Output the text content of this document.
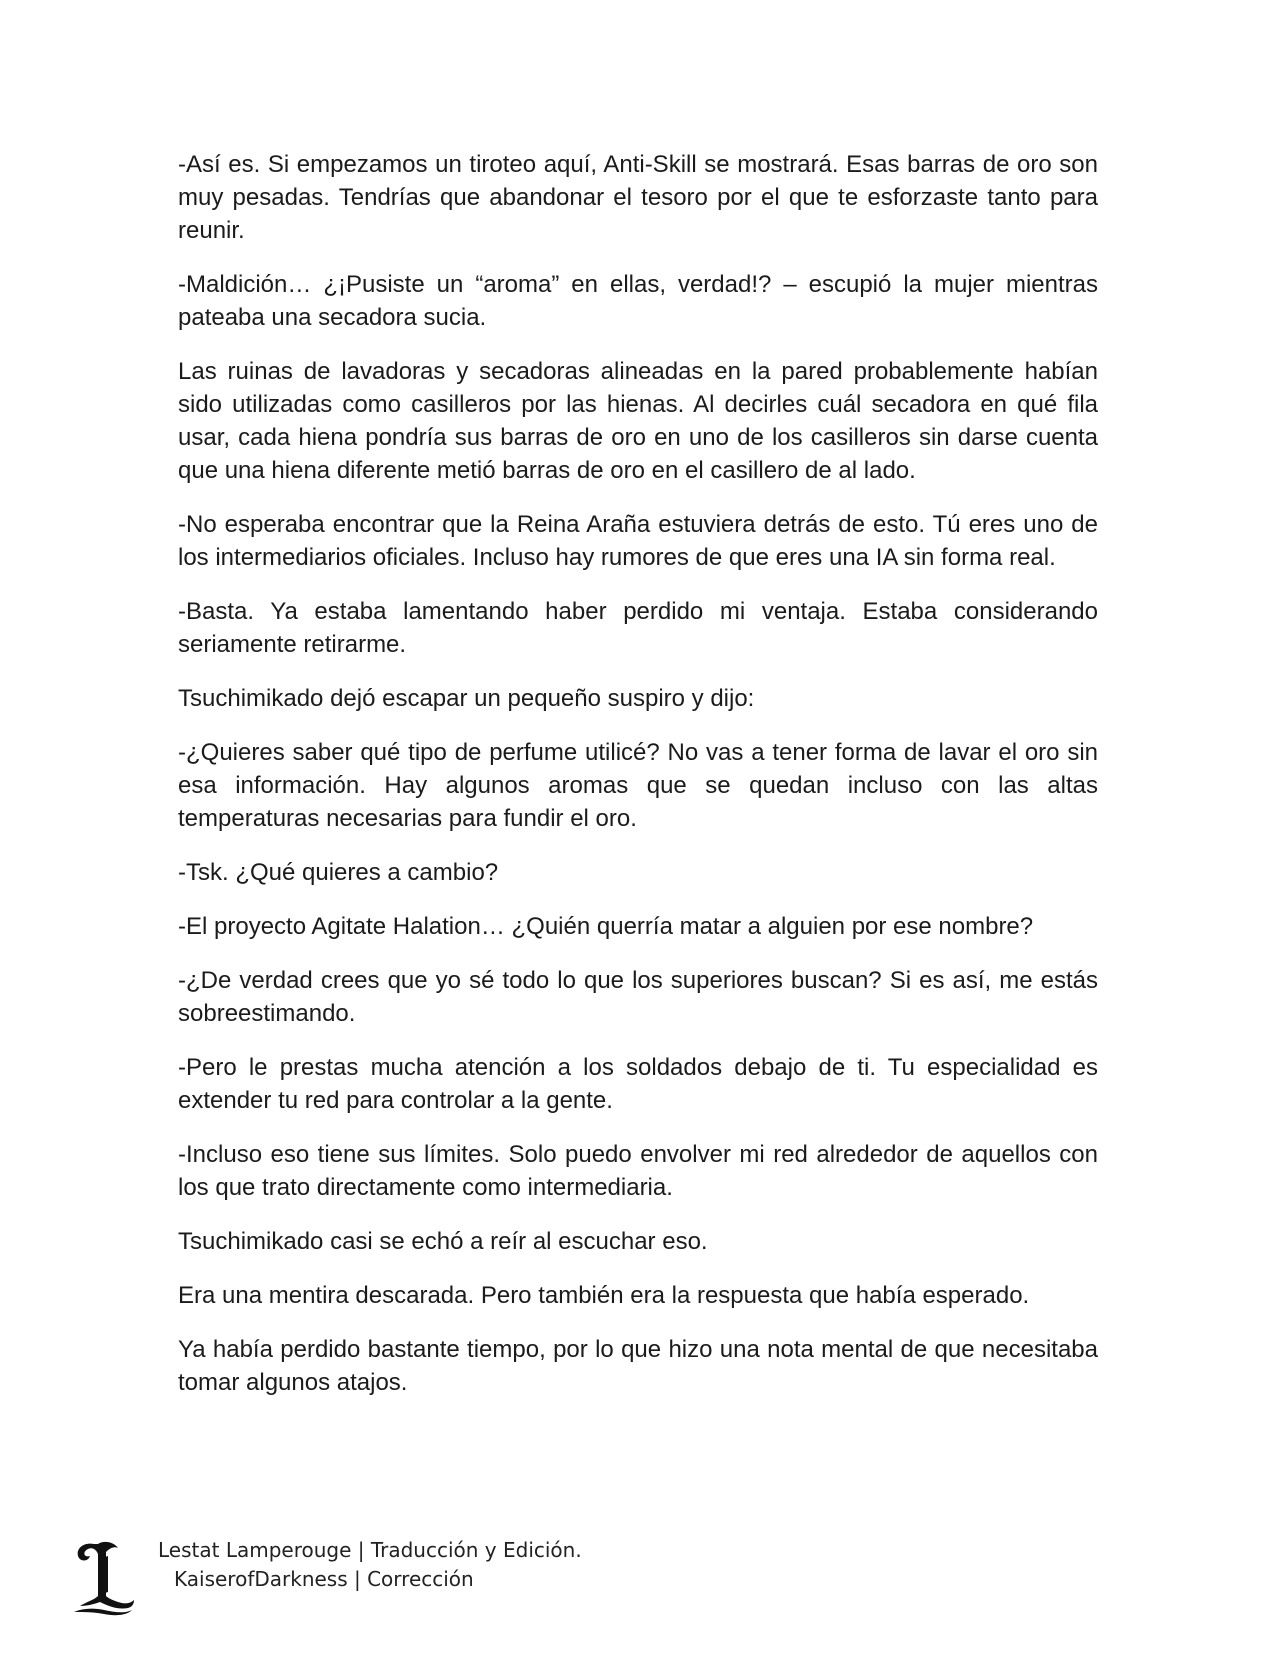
-Así es. Si empezamos un tiroteo aquí, Anti-Skill se mostrará. Esas barras de oro son muy pesadas. Tendrías que abandonar el tesoro por el que te esforzaste tanto para reunir.

-Maldición… ¿¡Pusiste un “aroma” en ellas, verdad!? – escupió la mujer mientras pateaba una secadora sucia.

Las ruinas de lavadoras y secadoras alineadas en la pared probablemente habían sido utilizadas como casilleros por las hienas. Al decirles cuál secadora en qué fila usar, cada hiena pondría sus barras de oro en uno de los casilleros sin darse cuenta que una hiena diferente metió barras de oro en el casillero de al lado.

-No esperaba encontrar que la Reina Araña estuviera detrás de esto. Tú eres uno de los intermediarios oficiales. Incluso hay rumores de que eres una IA sin forma real.

-Basta. Ya estaba lamentando haber perdido mi ventaja. Estaba considerando seriamente retirarme.

Tsuchimikado dejó escapar un pequeño suspiro y dijo:

-¿Quieres saber qué tipo de perfume utilicé? No vas a tener forma de lavar el oro sin esa información. Hay algunos aromas que se quedan incluso con las altas temperaturas necesarias para fundir el oro.

-Tsk. ¿Qué quieres a cambio?

-El proyecto Agitate Halation… ¿Quién querría matar a alguien por ese nombre?

-¿De verdad crees que yo sé todo lo que los superiores buscan? Si es así, me estás sobreestimando.

-Pero le prestas mucha atención a los soldados debajo de ti. Tu especialidad es extender tu red para controlar a la gente.

-Incluso eso tiene sus límites. Solo puedo envolver mi red alrededor de aquellos con los que trato directamente como intermediaria.

Tsuchimikado casi se echó a reír al escuchar eso.

Era una mentira descarada. Pero también era la respuesta que había esperado.

Ya había perdido bastante tiempo, por lo que hizo una nota mental de que necesitaba tomar algunos atajos.

Lestat Lamperouge | Traducción y Edición.
KaiserofDarkness | Corrección
